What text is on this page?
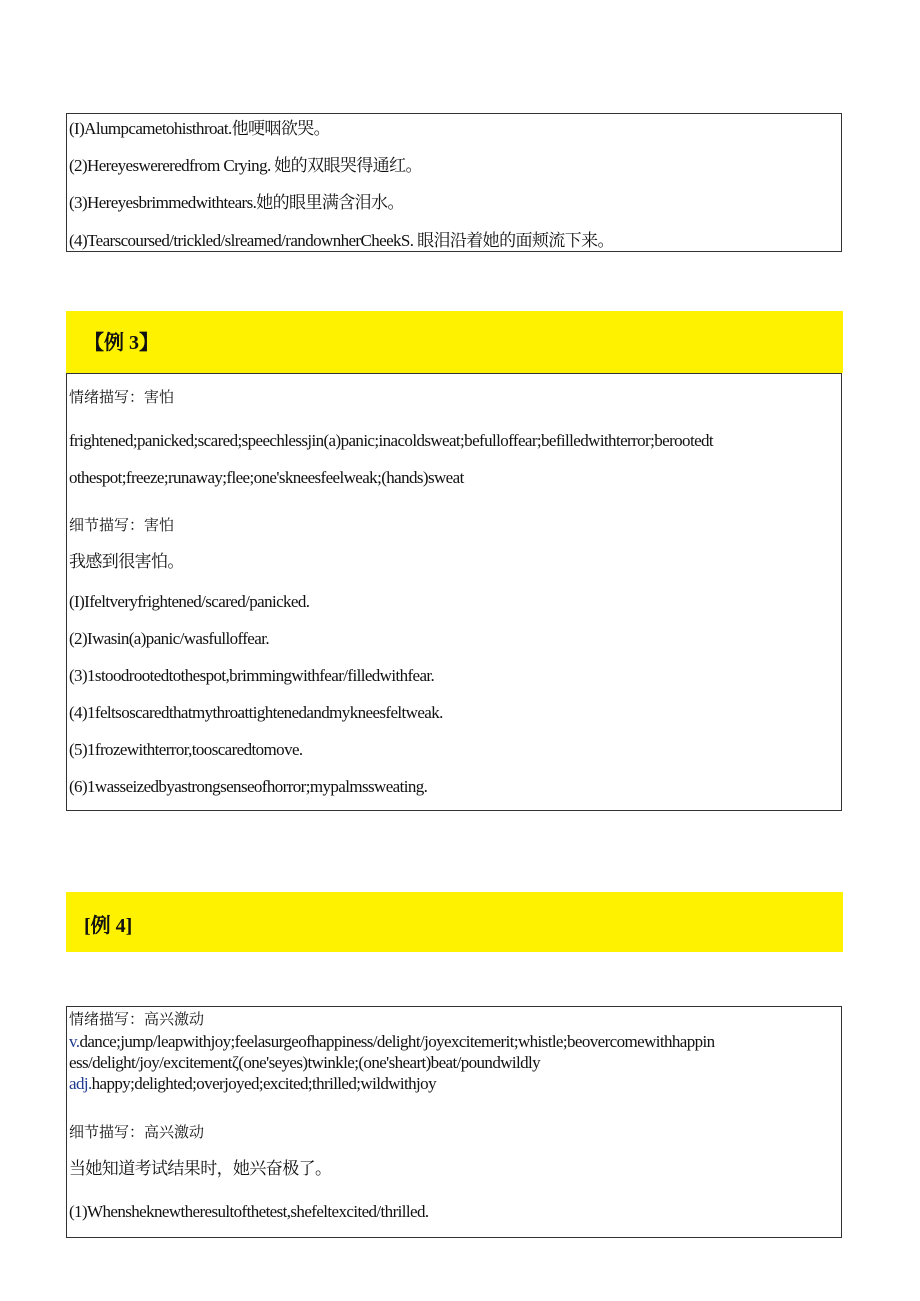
(I)Alumpcametohisthroat.他哽咽欲哭。
(2)Hereyeswereredfrom Crying. 她的双眼哭得通红。
(3)Hereyesbrimmedwithtears.她的眼里满含泪水。
(4)Tearscoursed/trickled/slreamed/randownherCheekS. 眼泪沿着她的面颊流下来。
【例 3】
情绪描写：害怕
frightened;panicked;scared;speechlessjin(a)panic;inacoldsweat;befulloffear;befilledwithterror;berootedt
othespot;freeze;runaway;flee;one'skneesfeelweak;(hands)sweat
细节描写：害怕
我感到很害怕。
(I)Ifeltveryfrightened/scared/panicked.
(2)Iwasin(a)panic/wasfulloffear.
(3)1stoodrootedtothespot,brimmingwithfear/filledwithfear.
(4)1feltsoscaredthatmythroattightenedandmykneesfeltweak.
(5)1frozewithterror,tooscaredtomove.
(6)1wasseizedbyastrongsenseofhorror;mypalmssweating.
[例 4]
情绪描写：高兴激动
v.dance;jump/leapwithjoy;feelasurgeofhappiness/delight/joyexcitemerit;whistle;beovercomewithhappin
ess/delight/joy/excitementζ(one'seyes)twinkle;(one'sheart)beat/poundwildly
adj.happy;delighted;overjoyed;excited;thrilled;wildwithjoy
细节描写：高兴激动
当她知道考试结果时，她兴奋极了。
(1)Whensheknewtheresultofthetest,shefeltexcited/thrilled.
